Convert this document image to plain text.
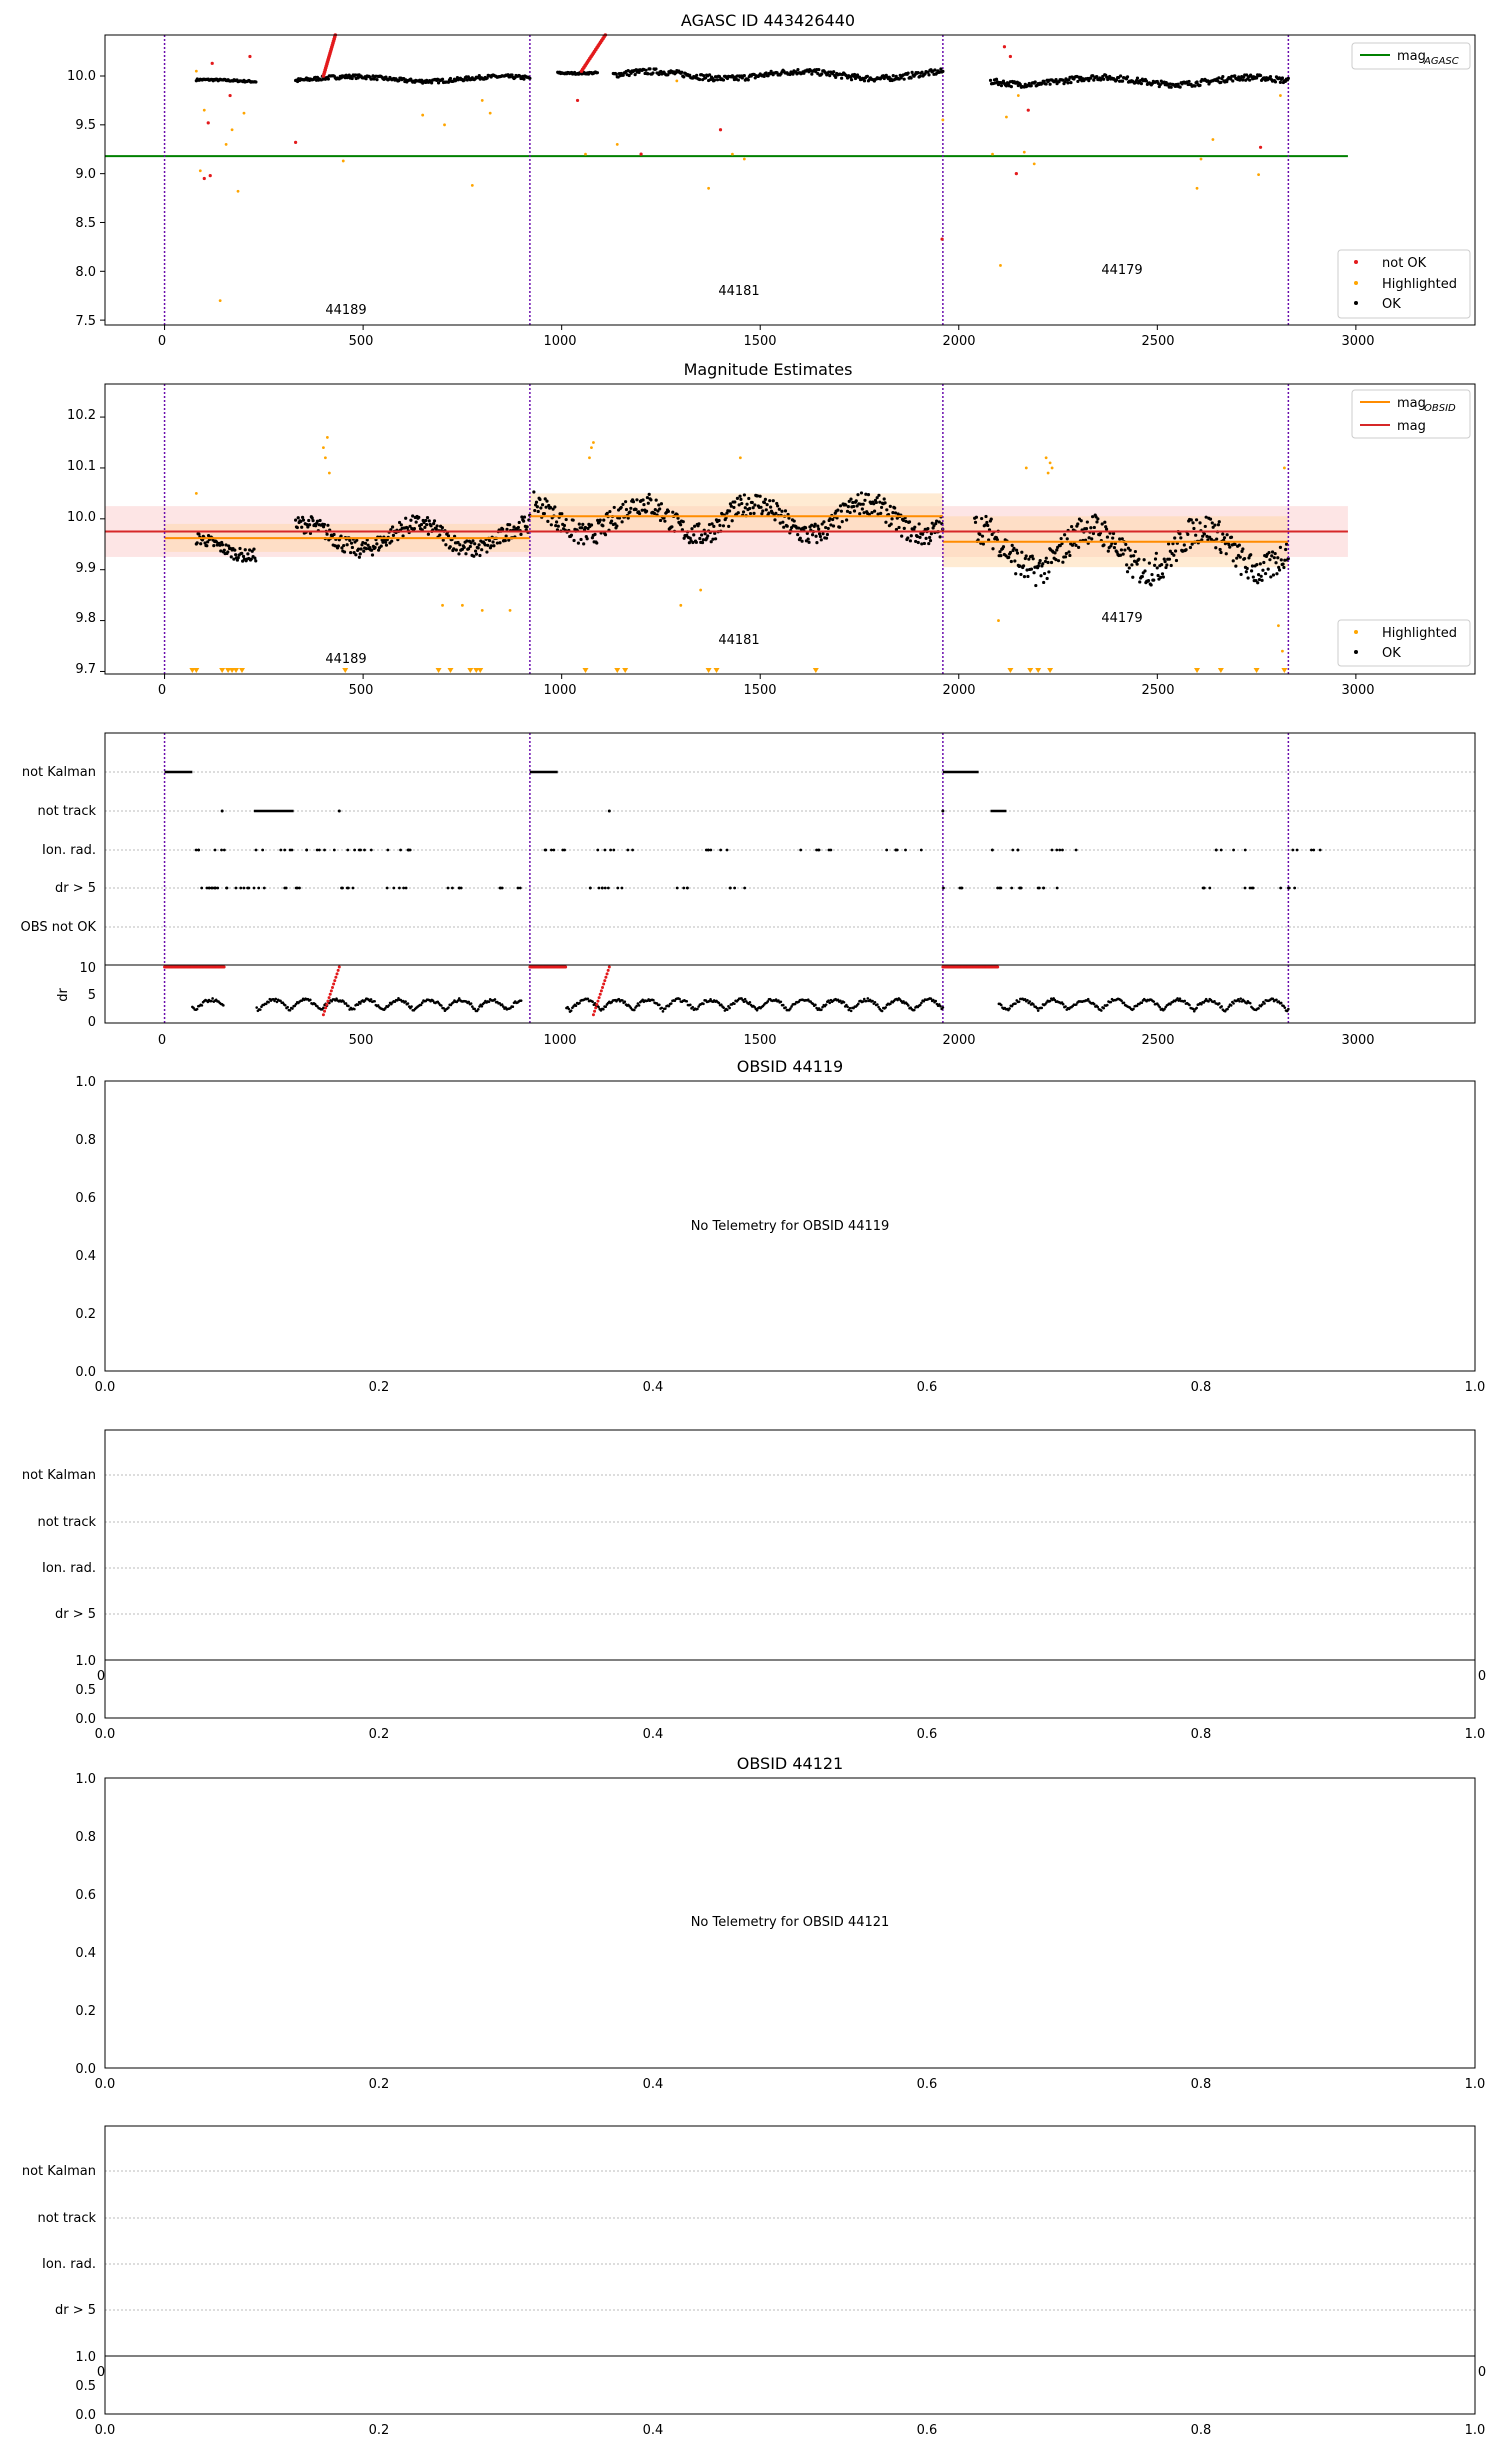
AGASC ID 443426440
0	500	1000	1500	2000	2500	3000
10.0
9.5
9.0
8.5
8.0
7.5
44189
44181
44179
mag
AGASC
not OK
Highlighted
OK
Magnitude Estimates
0	500	1000	1500	2000	2500	3000
10.2
10.1
10.0
9.9
9.8
9.7
44189
44181
44179
mag
OBSID
mag
Highlighted
OK
not Kalman
not track
Ion. rad.
dr > 5
OBS not OK
10
5
0
dr
0	500	1000	1500	2000	2500	3000
OBSID 44119
No Telemetry for OBSID 44119
1.0
0.8
0.6
0.4
0.2
0.0
0.0	0.2	0.4	0.6	0.8	1.0
not Kalman
not track
Ion. rad.
dr > 5
1.0
0	0
0.5
0.0
0.0	0.2	0.4	0.6	0.8	1.0
OBSID 44121
No Telemetry for OBSID 44121
1.0
0.8
0.6
0.4
0.2
0.0
0.0	0.2	0.4	0.6	0.8	1.0
not Kalman
not track
Ion. rad.
dr > 5
1.0
0	0
0.5
0.0
0.0	0.2	0.4	0.6	0.8	1.0
